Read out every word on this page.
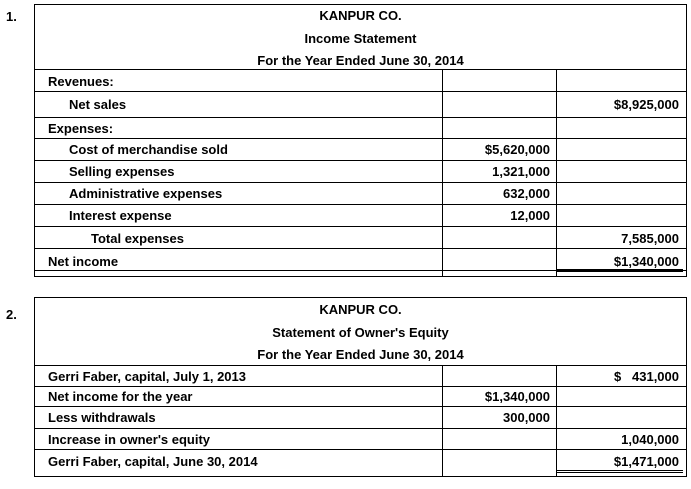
1.	KANPUR CO.
Income Statement
For the Year Ended June 30, 2014
Revenues:
Net sales	$8,925,000
Expenses:
Cost of merchandise sold	$5,620,000
Selling expenses	1,321,000
Administrative expenses	632,000
Interest expense	12,000
Total expenses	7,585,000
Net income	$1,340,000
2.	KANPUR CO.
Statement of Owner's Equity
For the Year Ended June 30, 2014
Gerri Faber, capital, July 1, 2013	$   431,000
Net income for the year	$1,340,000
Less withdrawals	300,000
Increase in owner's equity	1,040,000
Gerri Faber, capital, June 30, 2014	$1,471,000
